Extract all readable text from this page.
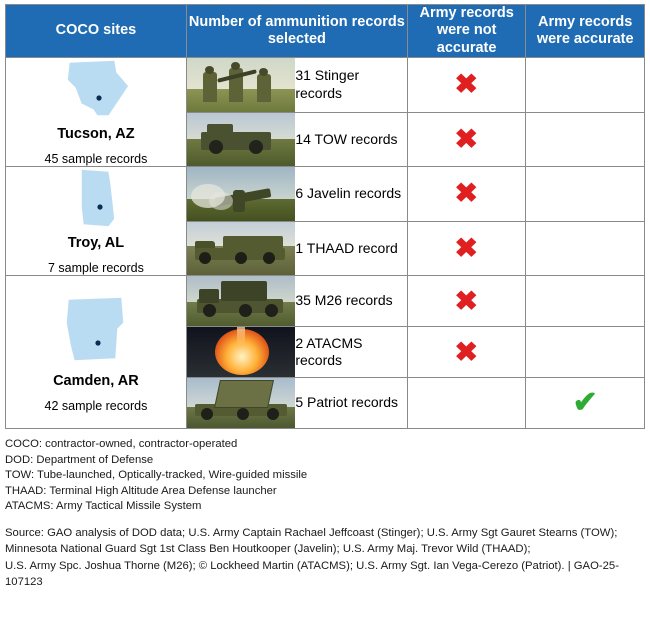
COCO sites	Number of ammunition records selected		Army records were not accurate	Army records were accurate

Tucson, AZ
45 sample records		31 Stinger records	✖	

		14 TOW records	✖	

Troy, AL
7 sample records		6 Javelin records	✖	

		1 THAAD record	✖	

Camden, AR
42 sample records		35 M26 records	✖	

		2 ATACMS records	✖	

		5 Patriot records		✔
COCO: contractor-owned, contractor-operated
DOD: Department of Defense
TOW: Tube-launched, Optically-tracked, Wire-guided missile
THAAD: Terminal High Altitude Area Defense launcher
ATACMS: Army Tactical Missile System
Source: GAO analysis of DOD data; U.S. Army Captain Rachael Jeffcoast (Stinger); U.S. Army Sgt Gauret Stearns (TOW);
Minnesota National Guard Sgt 1st Class Ben Houtkooper (Javelin); U.S. Army Maj. Trevor Wild (THAAD);
U.S. Army Spc. Joshua Thorne (M26); © Lockheed Martin (ATACMS); U.S. Army Sgt. Ian Vega-Cerezo (Patriot). | GAO-25-107123
